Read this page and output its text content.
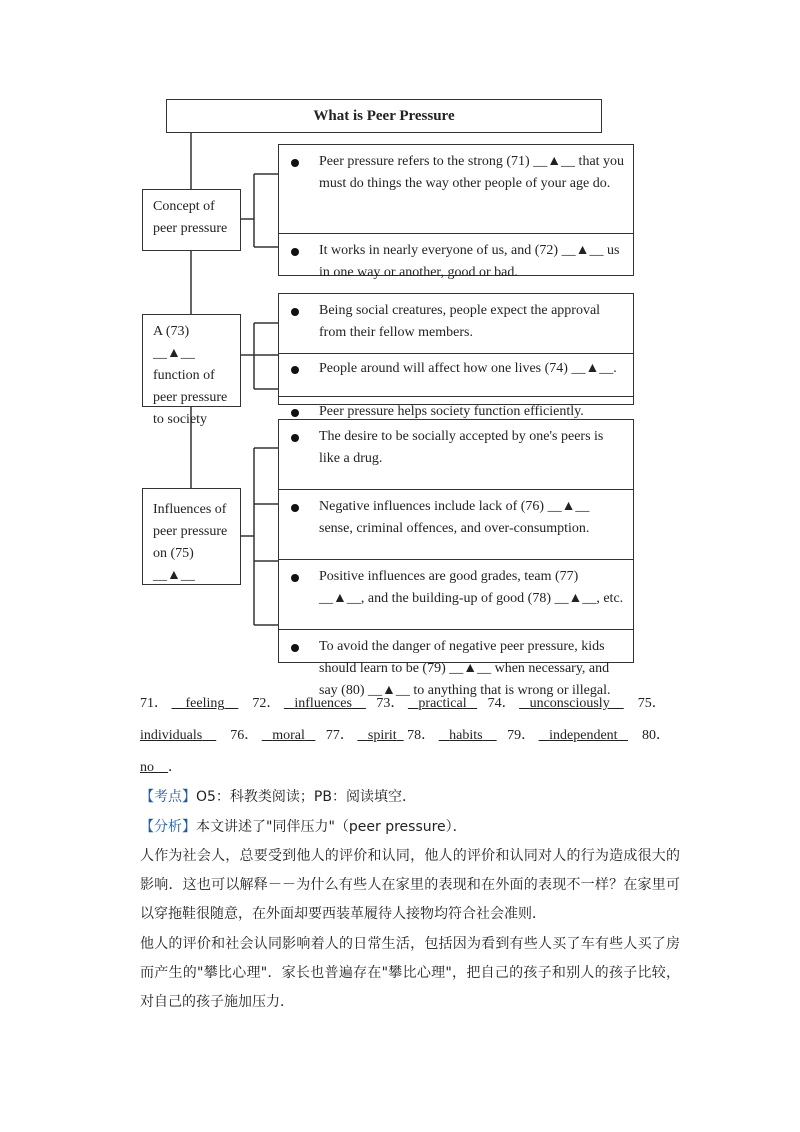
What is Peer Pressure
Concept of peer pressure
Peer pressure refers to the strong (71) __▲__ that you must do things the way other people of your age do.
It works in nearly everyone of us, and (72) __▲__ us in one way or another, good or bad.
A (73) __▲__ function of peer pressure to society
Being social creatures, people expect the approval from their fellow members.
People around will affect how one lives (74) __▲__.
Peer pressure helps society function efficiently.
Influences of peer pressure on (75) __▲__
The desire to be socially accepted by one's peers is like a drug.
Negative influences include lack of (76) __▲__ sense, criminal offences, and over-consumption.
Positive influences are good grades, team (77) __▲__, and the building-up of good (78) __▲__, etc.
To avoid the danger of negative peer pressure, kids should learn to be (79) __▲__ when necessary, and say (80) __▲__ to anything that is wrong or illegal.
71． feeling 72． influences 73． practical 74． unconsciously 75．
individuals 76． moral 77． spirit 78． habits 79． independent 80．
no ．
【考点】O5：科教类阅读；PB：阅读填空．
【分析】本文讲述了"同伴压力"（peer pressure）．
人作为社会人，总要受到他人的评价和认同，他人的评价和认同对人的行为造成很大的影响．这也可以解释－－为什么有些人在家里的表现和在外面的表现不一样？在家里可以穿拖鞋很随意，在外面却要西装革履待人接物均符合社会准则．
他人的评价和社会认同影响着人的日常生活，包括因为看到有些人买了车有些人买了房而产生的"攀比心理"．家长也普遍存在"攀比心理"，把自己的孩子和别人的孩子比较，对自己的孩子施加压力．
